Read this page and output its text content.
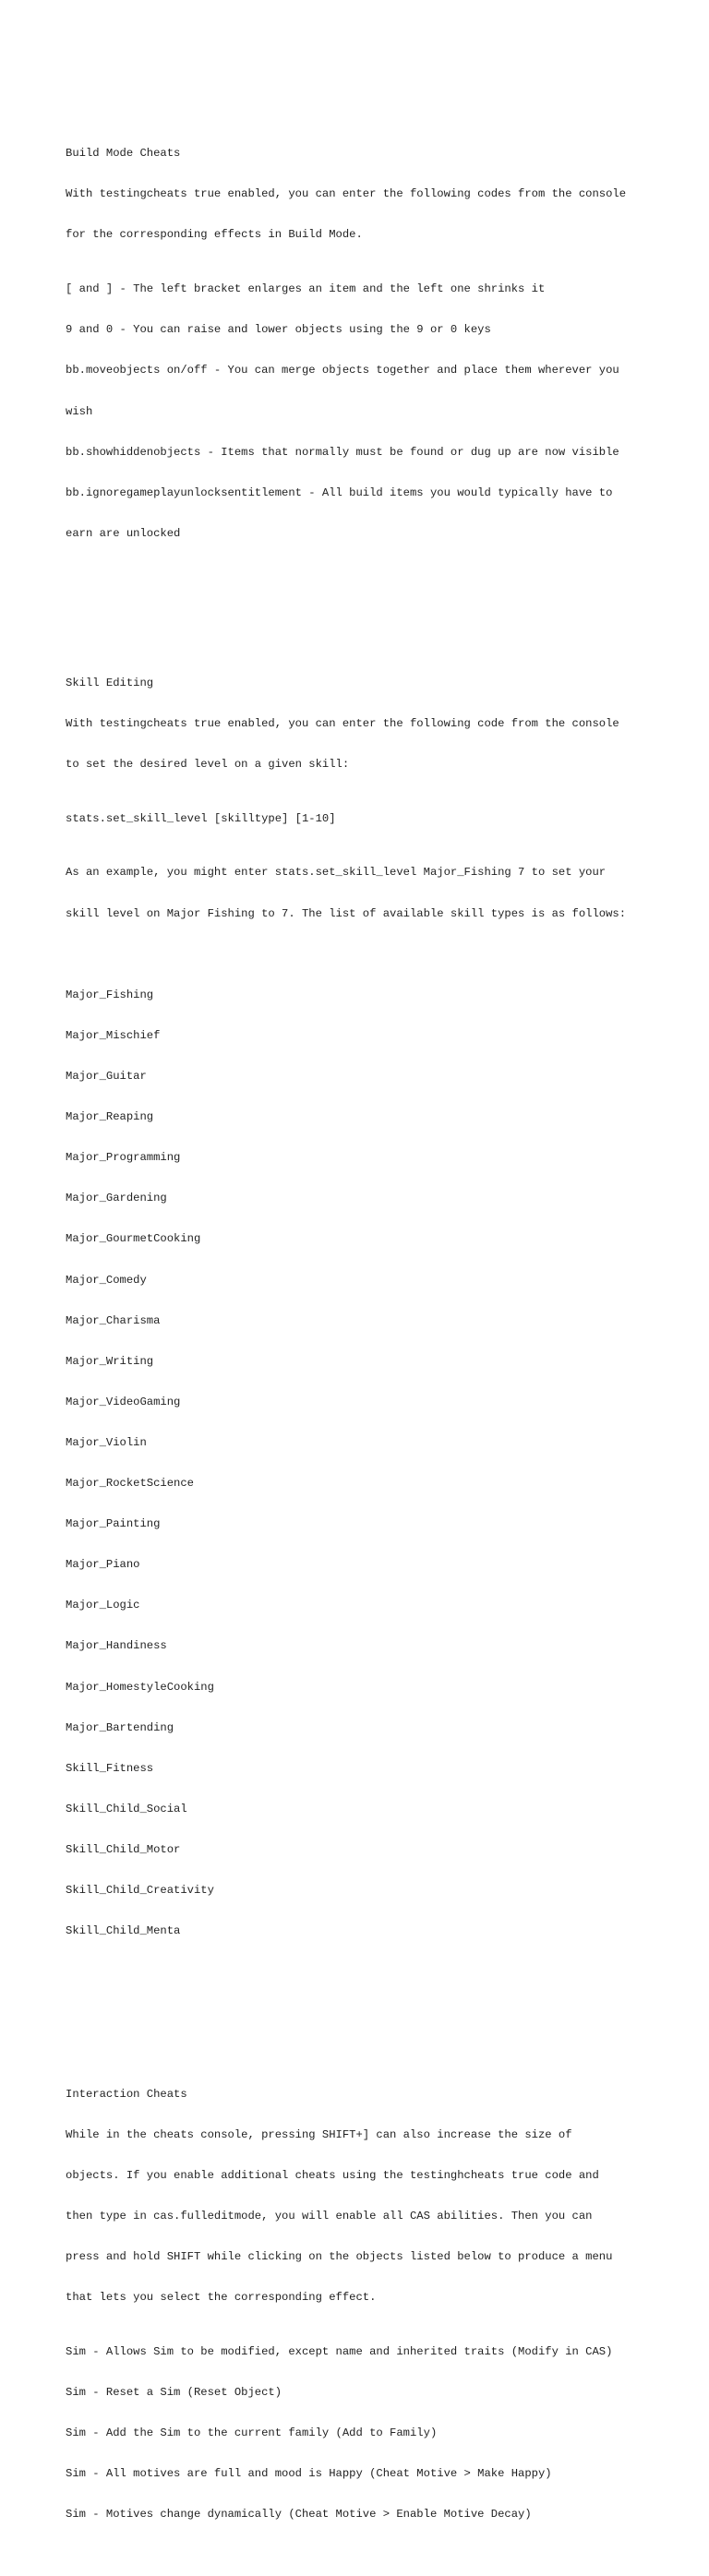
Build Mode Cheats

With testingcheats true enabled, you can enter the following codes from the console

for the corresponding effects in Build Mode.

[ and ] - The left bracket enlarges an item and the left one shrinks it

9 and 0 - You can raise and lower objects using the 9 or 0 keys

bb.moveobjects on/off - You can merge objects together and place them wherever you

wish

bb.showhiddenobjects - Items that normally must be found or dug up are now visible

bb.ignoregameplayunlocksentitlement - All build items you would typically have to

earn are unlocked

Skill Editing

With testingcheats true enabled, you can enter the following code from the console

to set the desired level on a given skill:

stats.set_skill_level [skilltype] [1-10]

As an example, you might enter stats.set_skill_level Major_Fishing 7 to set your

skill level on Major Fishing to 7. The list of available skill types is as follows:

Major_Fishing

Major_Mischief

Major_Guitar

Major_Reaping

Major_Programming

Major_Gardening

Major_GourmetCooking

Major_Comedy

Major_Charisma

Major_Writing

Major_VideoGaming

Major_Violin

Major_RocketScience

Major_Painting

Major_Piano

Major_Logic

Major_Handiness

Major_HomestyleCooking

Major_Bartending

Skill_Fitness

Skill_Child_Social

Skill_Child_Motor

Skill_Child_Creativity

Skill_Child_Menta

Interaction Cheats

While in the cheats console, pressing SHIFT+] can also increase the size of

objects. If you enable additional cheats using the testinghcheats true code and

then type in cas.fulleditmode, you will enable all CAS abilities. Then you can

press and hold SHIFT while clicking on the objects listed below to produce a menu

that lets you select the corresponding effect.

Sim - Allows Sim to be modified, except name and inherited traits (Modify in CAS)

Sim - Reset a Sim (Reset Object)

Sim - Add the Sim to the current family (Add to Family)

Sim - All motives are full and mood is Happy (Cheat Motive > Make Happy)

Sim - Motives change dynamically (Cheat Motive > Enable Motive Decay)
